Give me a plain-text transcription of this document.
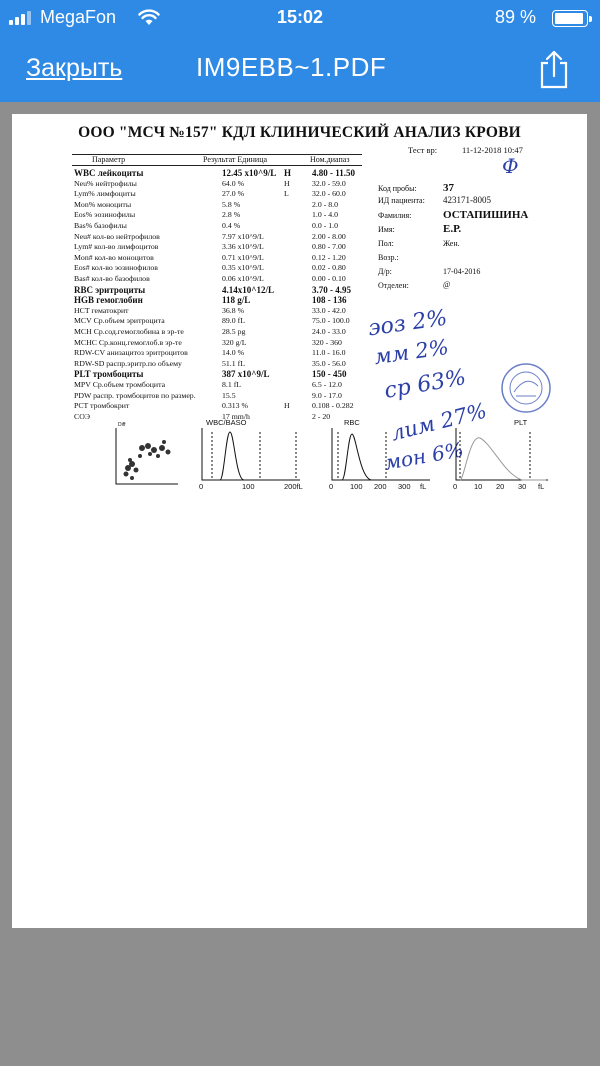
MegaFon	15:02	89 %
Закрыть	IM9EBB~1.PDF
ООО "МСЧ №157" КДЛ КЛИНИЧЕСКИЙ АНАЛИЗ КРОВИ
Тест вр:	11-12-2018 10:47
Параметр	Результат Единица	Ном.диапаз
WBC лейкоциты	12.45 x10^9/L H 4.80 - 11.50
Neu% нейтрофилы	64.0 %	H	32.0 - 59.0
Lym% лимфоциты	27.0 %	L	32.0 - 60.0
Mon% моноциты	5.8 %	2.0 - 8.0
Eos% эозинофилы	2.8 %	1.0 - 4.0
Bas% базофилы	0.4 %	0.0 - 1.0
Neu# кол-во нейтрофилов	7.97 x10^9/L	2.00 - 8.00
Lym# кол-во лимфоцитов	3.36 x10^9/L	0.80 - 7.00
Mon# кол-во моноцитов	0.71 x10^9/L	0.12 - 1.20
Eos# кол-во эозинофилов	0.35 x10^9/L	0.02 - 0.80
Bas# кол-во базофилов	0.06 x10^9/L	0.00 - 0.10
RBC эритроциты	4.14x10^12/L	3.70 - 4.95
HGB гемоглобин	118 g/L	108 - 136
HCT гематокрит	36.8 %	33.0 - 42.0
MCV Ср.объем эритроцита	89.0 fL	75.0 - 100.0
MCH Ср.сод.гемоглобина в эр-те	28.5 pg	24.0 - 33.0
MCHC Ср.конц.гемоглоб.в эр-те	320 g/L	320 - 360
RDW-CV анизацитоз эритроцитов	14.0 %	11.0 - 16.0
RDW-SD распр.эритр.по объему	51.1 fL	35.0 - 56.0
PLT тромбоциты	387 x10^9/L	150 - 450
MPV Ср.объем тромбоцита	8.1 fL	6.5 - 12.0
PDW распр. тромбоцитов по размер.	15.5	9.0 - 17.0
PCT тромбокрит	0.313 %	H	0.108 - 0.282
СОЭ	17 mm/h	2 - 20
Код пробы: 37
ИД пациента: 423171-8005
Фамилия:	ОСТАПИШИНА
Имя:	Е.Р.
Пол:	Жен.
Возр.:
Д/р:	17-04-2016
Отделен:	@
Ф
эоз 2%
мм 2%
ср 63%
лим 27%
мон 6%
Diff	WBC/BASO
0	100	200fL
RBC
0 100 200 300 fL
PLT
0 10 20 30 fL
